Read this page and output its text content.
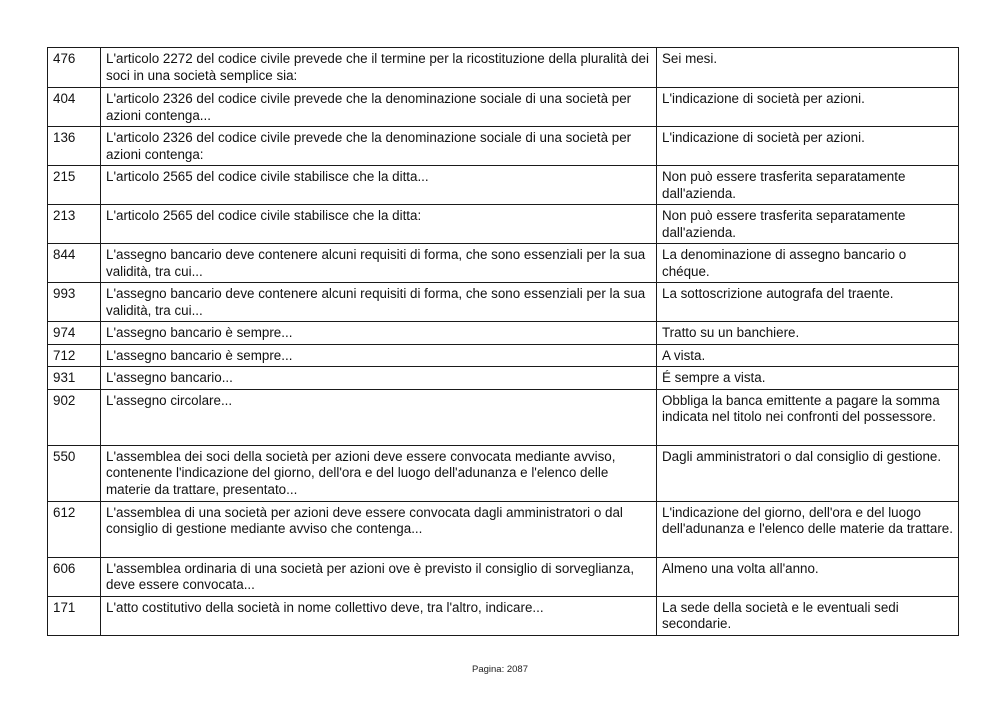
476	L'articolo 2272 del codice civile prevede che il termine per la ricostituzione della pluralità dei soci in una società semplice sia:	Sei mesi.
404	L'articolo 2326 del codice civile prevede che la denominazione sociale di una società per azioni contenga...	L'indicazione di società per azioni.
136	L'articolo 2326 del codice civile prevede che la denominazione sociale di una società per azioni contenga:	L'indicazione di società per azioni.
215	L'articolo 2565 del codice civile stabilisce che la ditta...	Non può essere trasferita separatamente dall'azienda.
213	L'articolo 2565 del codice civile stabilisce che la ditta:	Non può essere trasferita separatamente dall'azienda.
844	L'assegno bancario deve contenere alcuni requisiti di forma, che sono essenziali per la sua validità, tra cui...	La denominazione di assegno bancario o chéque.
993	L'assegno bancario deve contenere alcuni requisiti di forma, che sono essenziali per la sua validità, tra cui...	La sottoscrizione autografa del traente.
974	L'assegno bancario è sempre...	Tratto su un banchiere.
712	L'assegno bancario è sempre...	A vista.
931	L'assegno bancario...	É sempre a vista.
902	L'assegno circolare...	Obbliga la banca emittente a pagare la somma indicata nel titolo nei confronti del possessore.
550	L'assemblea dei soci della società per azioni deve essere convocata mediante avviso, contenente l'indicazione del giorno, dell'ora e del luogo dell'adunanza e l'elenco delle materie da trattare, presentato...	Dagli amministratori o dal consiglio di gestione.
612	L'assemblea di una società per azioni deve essere convocata dagli amministratori o dal consiglio di gestione mediante avviso che contenga...	L'indicazione del giorno, dell'ora e del luogo dell'adunanza e l'elenco delle materie da trattare.
606	L'assemblea ordinaria di una società per azioni ove è previsto il consiglio di sorveglianza, deve essere convocata...	Almeno una volta all'anno.
171	L'atto costitutivo della società in nome collettivo deve, tra l'altro, indicare...	La sede della società e le eventuali sedi secondarie.
Pagina: 2087
